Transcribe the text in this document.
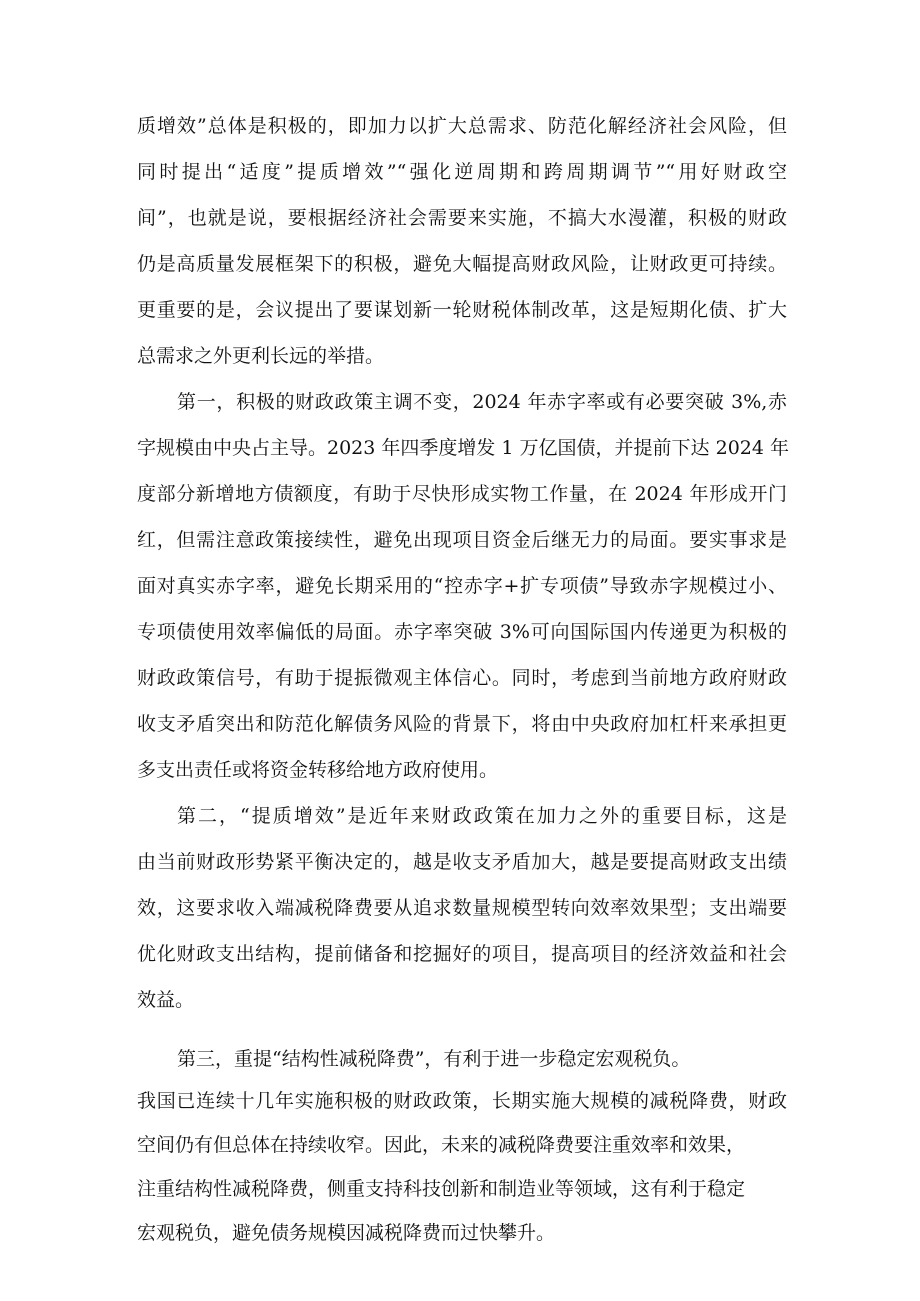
质增效”总体是积极的，即加力以扩大总需求、防范化解经济社会风险，但
同时提出“适度”提质增效”“强化逆周期和跨周期调节”“用好财政空
间”，也就是说，要根据经济社会需要来实施，不搞大水漫灌，积极的财政
仍是高质量发展框架下的积极，避免大幅提高财政风险，让财政更可持续。
更重要的是，会议提出了要谋划新一轮财税体制改革，这是短期化债、扩大
总需求之外更利长远的举措。
第一，积极的财政政策主调不变，2024 年赤字率或有必要突破 3%,赤
字规模由中央占主导。2023 年四季度增发 1 万亿国债，并提前下达 2024 年
度部分新增地方债额度，有助于尽快形成实物工作量，在 2024 年形成开门
红，但需注意政策接续性，避免出现项目资金后继无力的局面。要实事求是
面对真实赤字率，避免长期采用的“控赤字+扩专项债”导致赤字规模过小、
专项债使用效率偏低的局面。赤字率突破 3%可向国际国内传递更为积极的
财政政策信号，有助于提振微观主体信心。同时，考虑到当前地方政府财政
收支矛盾突出和防范化解债务风险的背景下，将由中央政府加杠杆来承担更
多支出责任或将资金转移给地方政府使用。
第二，“提质增效”是近年来财政政策在加力之外的重要目标，这是
由当前财政形势紧平衡决定的，越是收支矛盾加大，越是要提高财政支出绩
效，这要求收入端减税降费要从追求数量规模型转向效率效果型；支出端要
优化财政支出结构，提前储备和挖掘好的项目，提高项目的经济效益和社会
效益。
第三，重提“结构性减税降费”，有利于进一步稳定宏观税负。
我国已连续十几年实施积极的财政政策，长期实施大规模的减税降费，财政
空间仍有但总体在持续收窄。因此，未来的减税降费要注重效率和效果，
注重结构性减税降费，侧重支持科技创新和制造业等领域，这有利于稳定
宏观税负，避免债务规模因减税降费而过快攀升。
